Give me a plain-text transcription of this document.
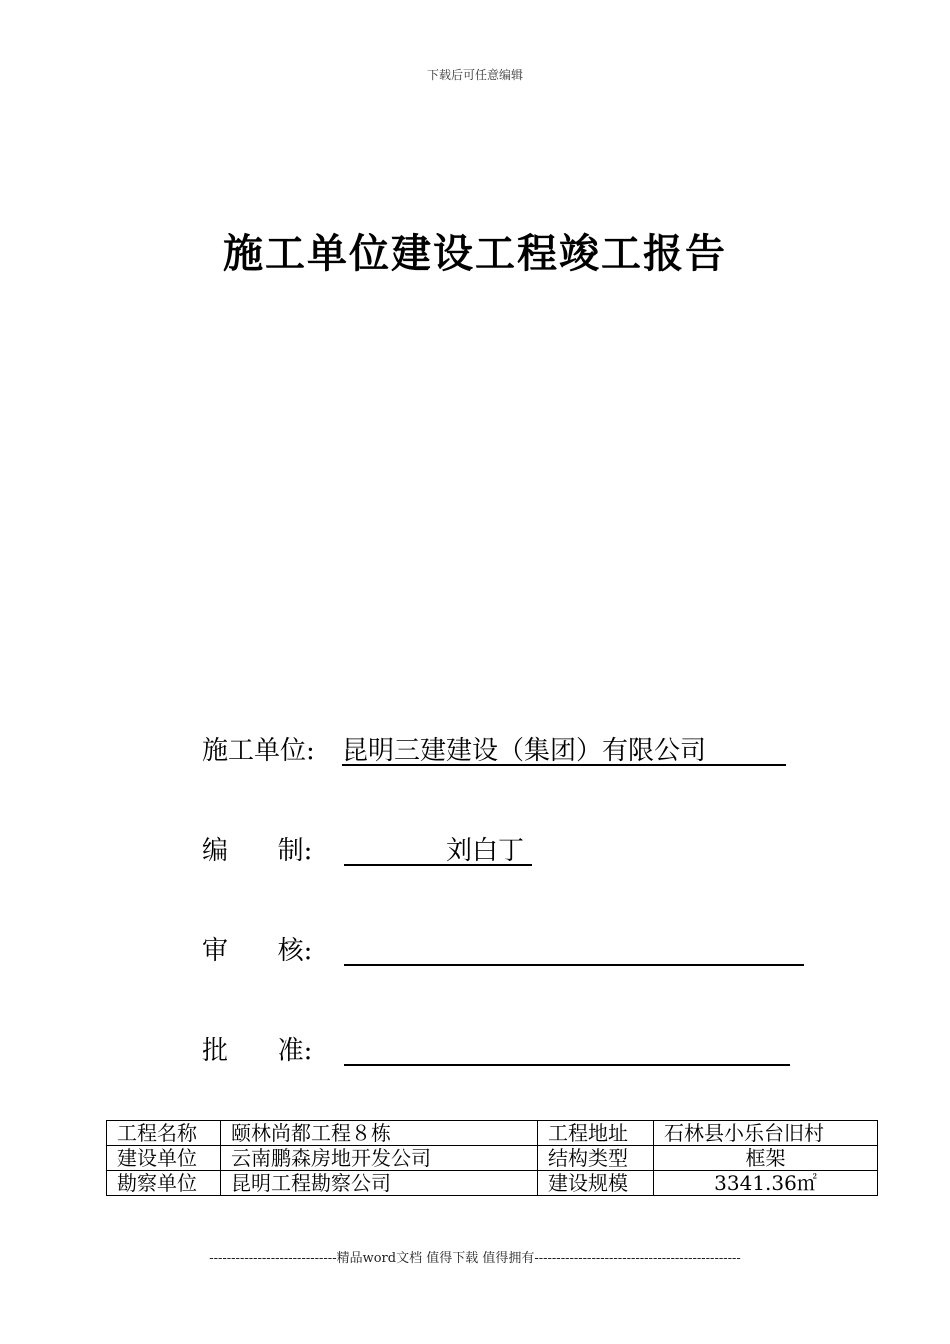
下载后可任意编辑
施工单位建设工程竣工报告
施工单位: 昆明三建建设（集团）有限公司
编      制:	刘白丁
审      核:
批      准:
工程名称	颐林尚都工程８栋	工程地址	石林县小乐台旧村
建设单位	云南鹏森房地开发公司	结构类型	框架
勘察单位	昆明工程勘察公司	建设规模	3341.36㎡
-----------------------------精品word文档 值得下载 值得拥有-----------------------------------------------
